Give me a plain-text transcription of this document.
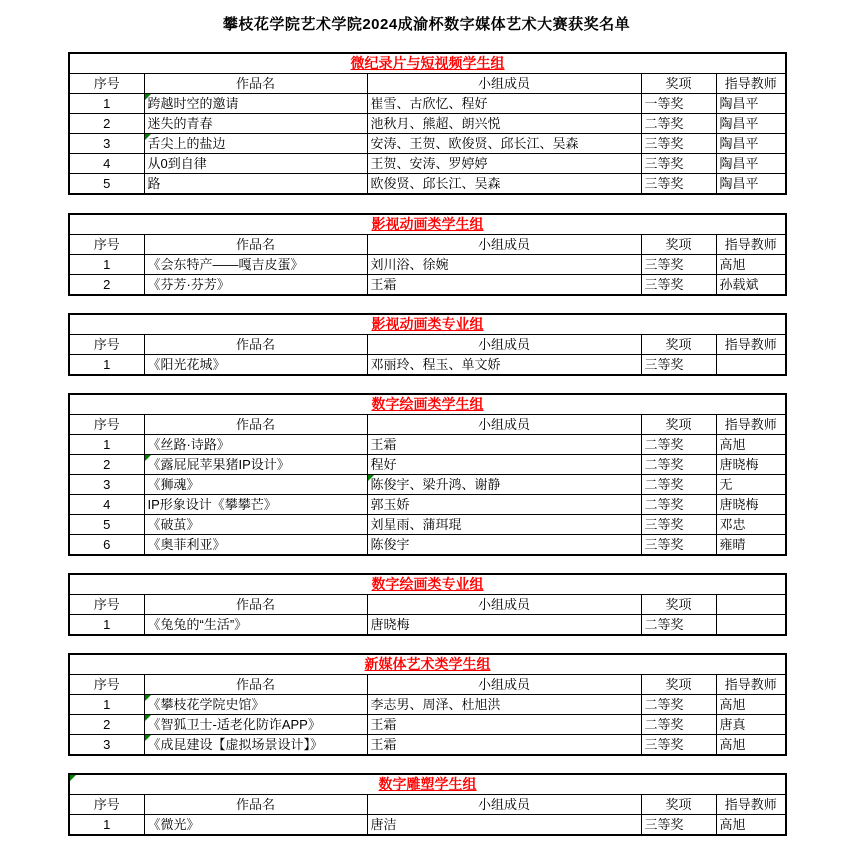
攀枝花学院艺术学院2024成渝杯数字媒体艺术大赛获奖名单
微纪录片与短视频学生组				
序号	作品名	小组成员	奖项	指导教师
1	跨越时空的邀请	崔雪、古欣忆、程好	一等奖	陶昌平
2	迷失的青春	池秋月、熊超、朗兴悦	二等奖	陶昌平
3	舌尖上的盐边	安涛、王贺、欧俊贤、邱长江、吴森	三等奖	陶昌平
4	从0到自律	王贺、安涛、罗婷婷	三等奖	陶昌平
5	路	欧俊贤、邱长江、吴森	三等奖	陶昌平
影视动画类学生组				
序号	作品名	小组成员	奖项	指导教师
1	《会东特产——嘎吉皮蛋》	刘川浴、徐婉	三等奖	高旭
2	《芬芳·芬芳》	王霜	三等奖	孙载斌
影视动画类专业组				
序号	作品名	小组成员	奖项	指导教师
1	《阳光花城》	邓丽玲、程玉、单文娇	三等奖	
数字绘画类学生组				
序号	作品名	小组成员	奖项	指导教师
1	《丝路·诗路》	王霜	二等奖	高旭
2	《露屁屁苹果猪IP设计》	程好	二等奖	唐晓梅
3	《狮魂》	陈俊宇、梁升鸿、谢静	二等奖	无
4	IP形象设计《攀攀芒》	郭玉娇	二等奖	唐晓梅
5	《破茧》	刘星雨、蒲珥琨	三等奖	邓忠
6	《奥菲利亚》	陈俊宇	三等奖	雍晴
数字绘画类专业组				
序号	作品名	小组成员	奖项	
1	《兔兔的“生活”》	唐晓梅	二等奖	
新媒体艺术类学生组				
序号	作品名	小组成员	奖项	指导教师
1	《攀枝花学院史馆》	李志男、周泽、杜旭洪	二等奖	高旭
2	《智狐卫士-适老化防诈APP》	王霜	二等奖	唐真
3	《成昆建设【虚拟场景设计】》	王霜	三等奖	高旭
数字雕塑学生组				
序号	作品名	小组成员	奖项	指导教师
1	《微光》	唐洁	三等奖	高旭
